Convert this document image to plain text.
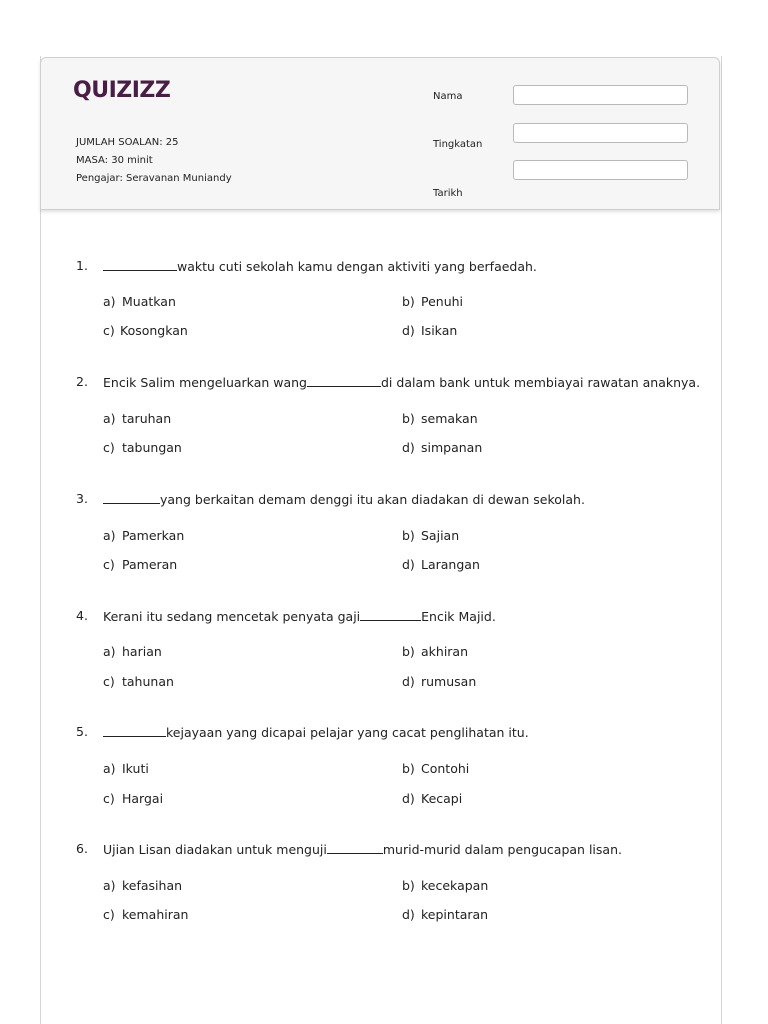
QUIZIZZ
JUMLAH SOALAN: 25
MASA: 30 minit
Pengajar: Seravanan Muniandy
Nama
Tingkatan
Tarikh
1.	waktu cuti sekolah kamu dengan aktiviti yang berfaedah.
a) Muatkan	b) Penuhi
c) Kosongkan	d) Isikan
2. Encik Salim mengeluarkan wang	di dalam bank untuk membiayai rawatan anaknya.
a) taruhan	b) semakan
c) tabungan	d) simpanan
3.	yang berkaitan demam denggi itu akan diadakan di dewan sekolah.
a) Pamerkan	b) Sajian
c) Pameran	d) Larangan
4. Kerani itu sedang mencetak penyata gaji	Encik Majid.
a) harian	b) akhiran
c) tahunan	d) rumusan
5.	kejayaan yang dicapai pelajar yang cacat penglihatan itu.
a) Ikuti	b) Contohi
c) Hargai	d) Kecapi
6. Ujian Lisan diadakan untuk menguji	murid-murid dalam pengucapan lisan.
a) kefasihan	b) kecekapan
c) kemahiran	d) kepintaran
